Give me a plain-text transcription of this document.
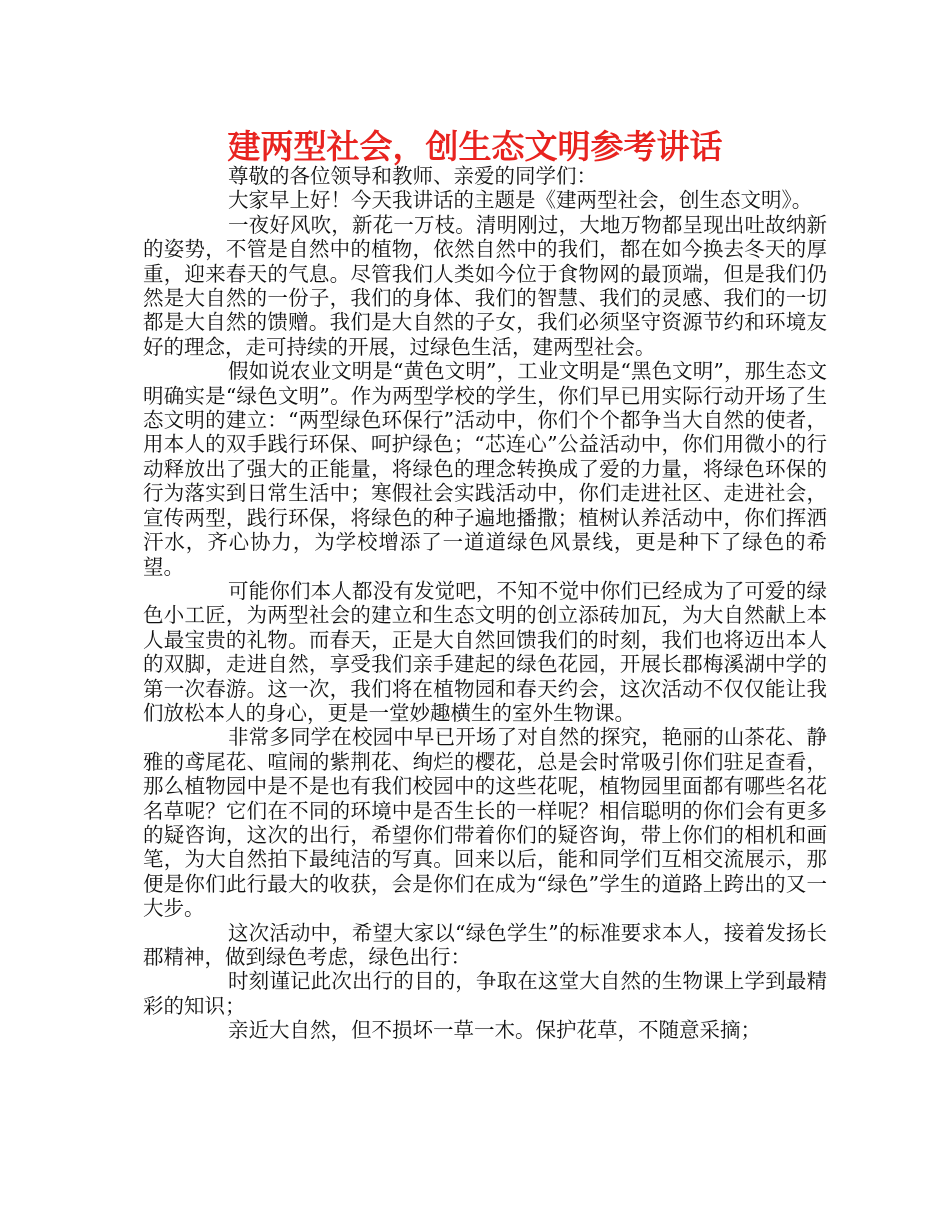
建两型社会，创生态文明参考讲话

尊敬的各位领导和教师、亲爱的同学们：

大家早上好！今天我讲话的主题是《建两型社会，创生态文明》。

一夜好风吹，新花一万枝。清明刚过，大地万物都呈现出吐故纳新的姿势，不管是自然中的植物，依然自然中的我们，都在如今换去冬天的厚重，迎来春天的气息。尽管我们人类如今位于食物网的最顶端，但是我们仍然是大自然的一份子，我们的身体、我们的智慧、我们的灵感、我们的一切都是大自然的馈赠。我们是大自然的子女，我们必须坚守资源节约和环境友好的理念，走可持续的开展，过绿色生活，建两型社会。

假如说农业文明是“黄色文明”，工业文明是“黑色文明”，那生态文明确实是“绿色文明”。作为两型学校的学生，你们早已用实际行动开场了生态文明的建立：“两型绿色环保行”活动中，你们个个都争当大自然的使者，用本人的双手践行环保、呵护绿色；“芯连心”公益活动中，你们用微小的行动释放出了强大的正能量，将绿色的理念转换成了爱的力量，将绿色环保的行为落实到日常生活中；寒假社会实践活动中，你们走进社区、走进社会，宣传两型，践行环保，将绿色的种子遍地播撒；植树认养活动中，你们挥洒汗水，齐心协力，为学校增添了一道道绿色风景线，更是种下了绿色的希望。

可能你们本人都没有发觉吧，不知不觉中你们已经成为了可爱的绿色小工匠，为两型社会的建立和生态文明的创立添砖加瓦，为大自然献上本人最宝贵的礼物。而春天，正是大自然回馈我们的时刻，我们也将迈出本人的双脚，走进自然，享受我们亲手建起的绿色花园，开展长郡梅溪湖中学的第一次春游。这一次，我们将在植物园和春天约会，这次活动不仅仅能让我们放松本人的身心，更是一堂妙趣横生的室外生物课。

非常多同学在校园中早已开场了对自然的探究，艳丽的山茶花、静雅的鸢尾花、喧闹的紫荆花、绚烂的樱花，总是会时常吸引你们驻足查看，那么植物园中是不是也有我们校园中的这些花呢，植物园里面都有哪些名花名草呢？它们在不同的环境中是否生长的一样呢？相信聪明的你们会有更多的疑咨询，这次的出行，希望你们带着你们的疑咨询，带上你们的相机和画笔，为大自然拍下最纯洁的写真。回来以后，能和同学们互相交流展示，那便是你们此行最大的收获，会是你们在成为“绿色”学生的道路上跨出的又一大步。

这次活动中，希望大家以“绿色学生”的标准要求本人，接着发扬长郡精神，做到绿色考虑，绿色出行：

时刻谨记此次出行的目的，争取在这堂大自然的生物课上学到最精彩的知识；

亲近大自然，但不损坏一草一木。保护花草，不随意采摘；
